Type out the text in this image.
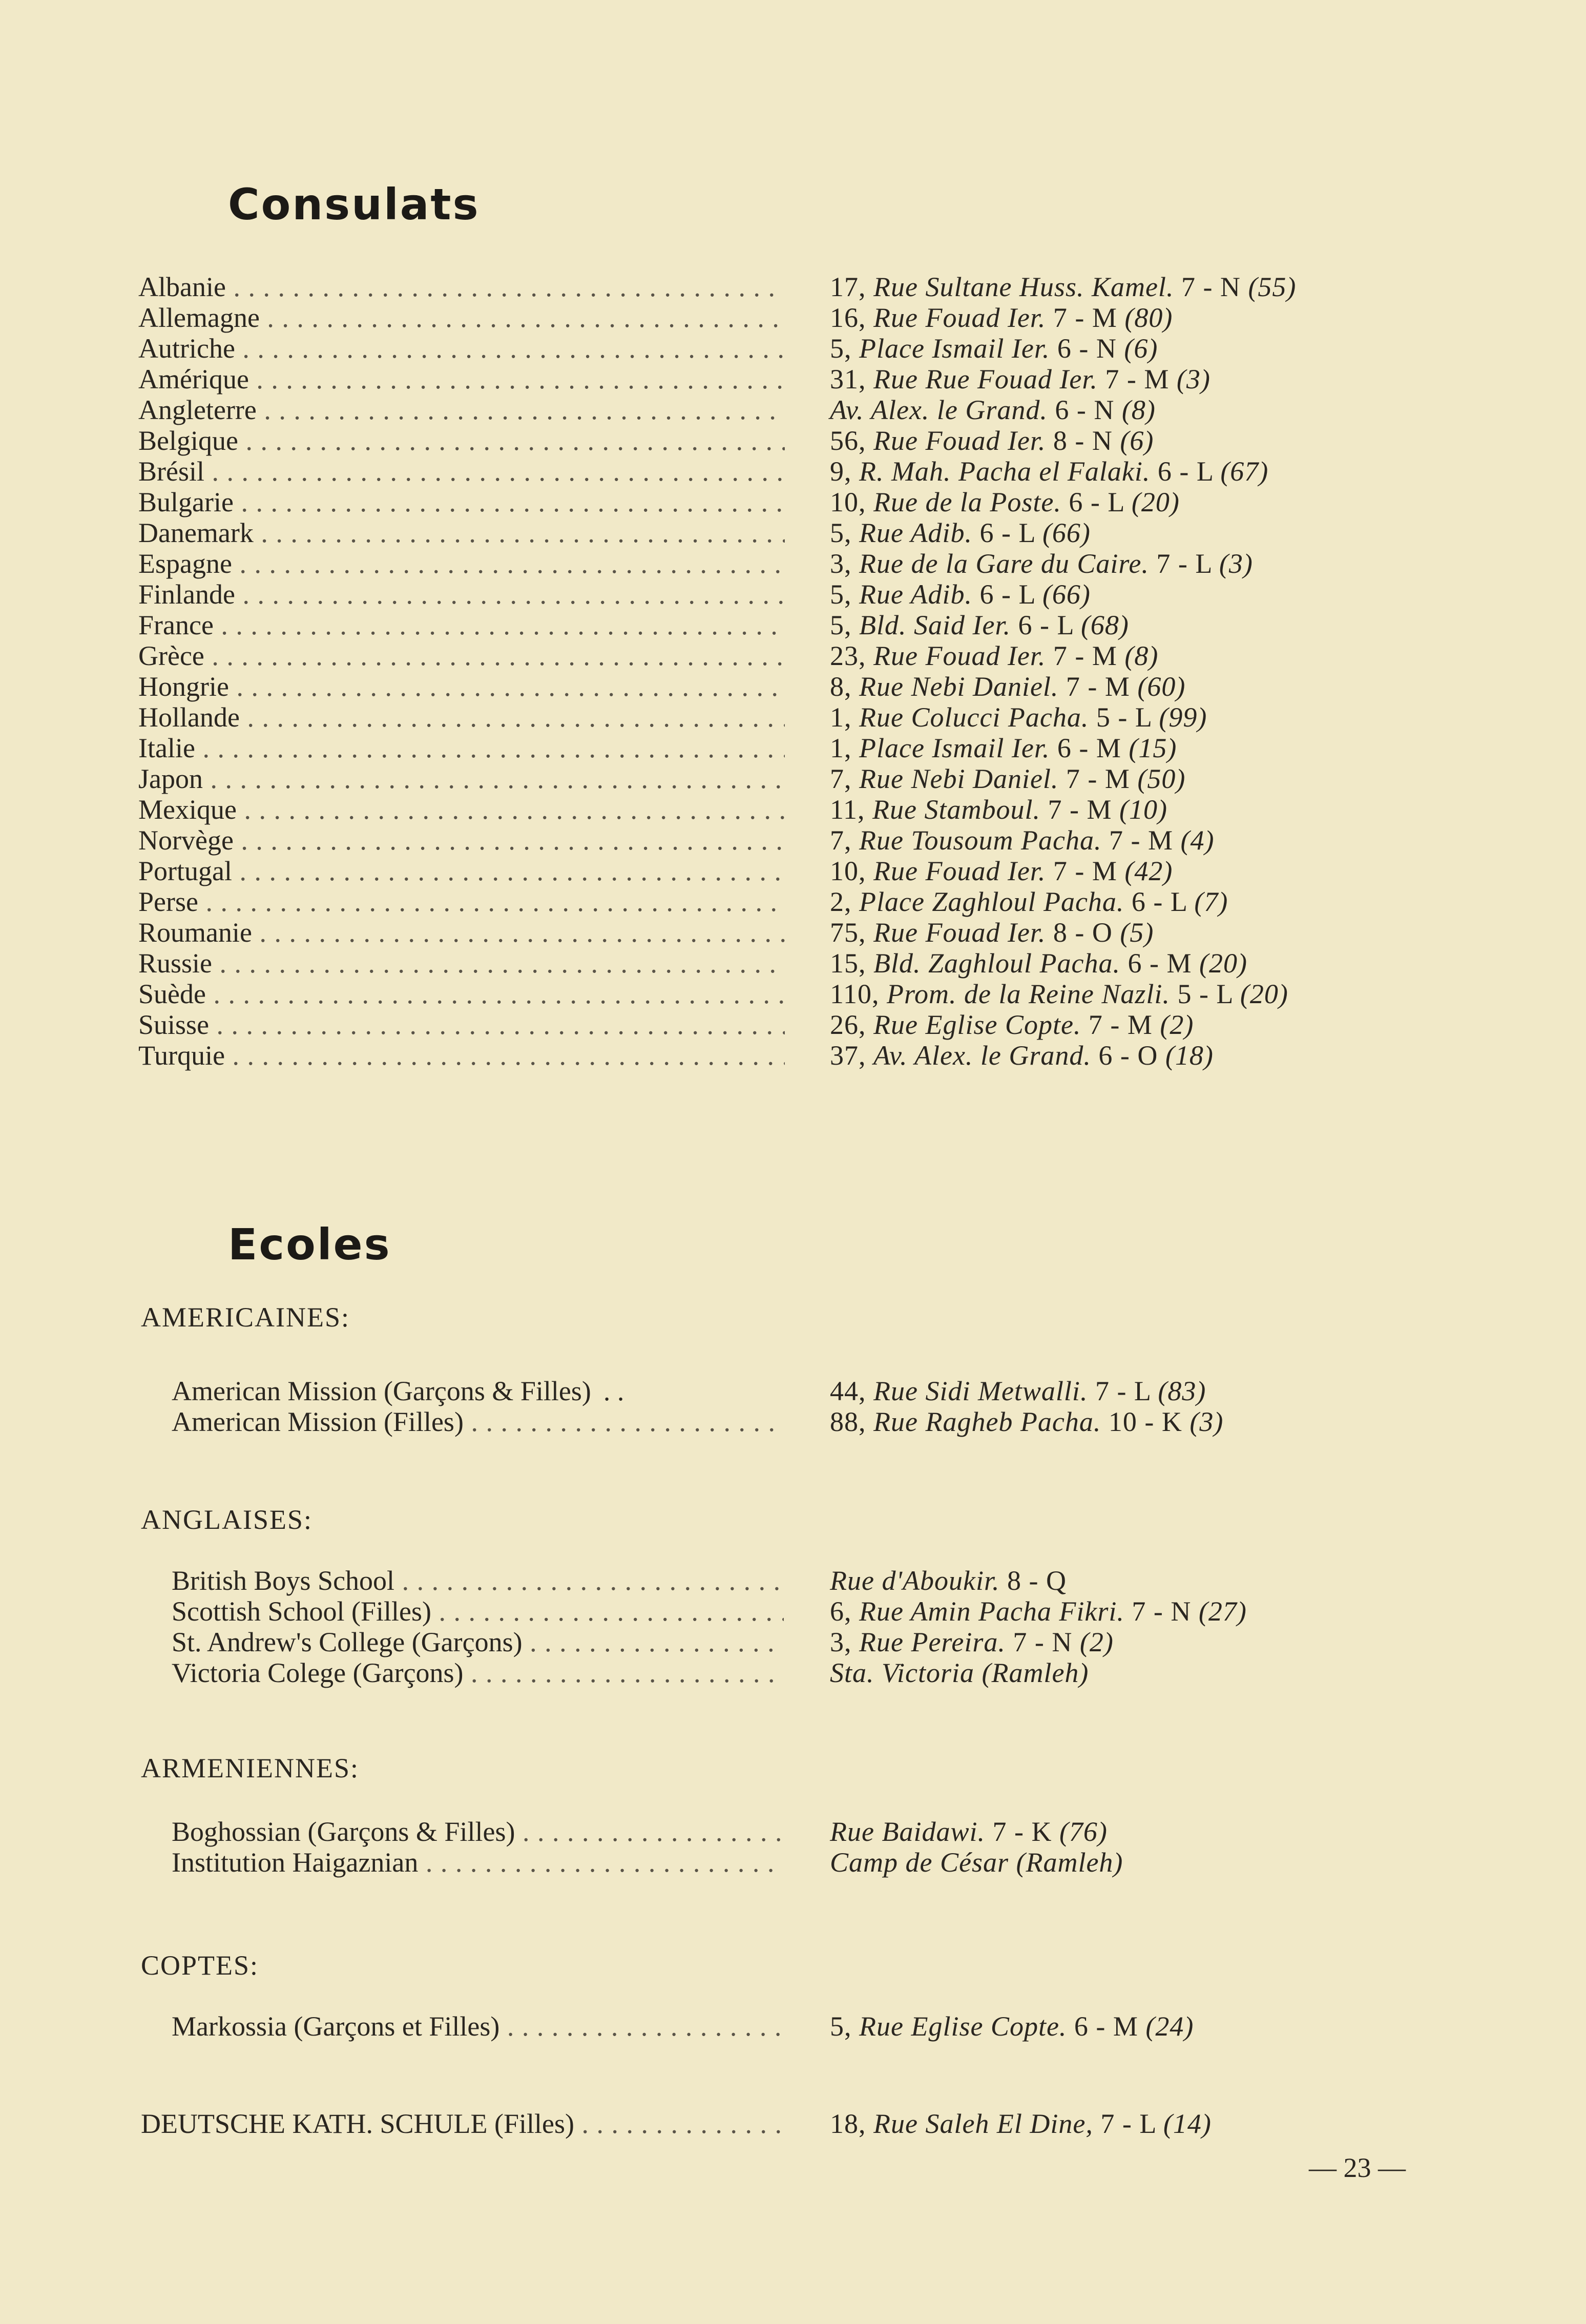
Consulats
Albanie . . .	17, Rue Sultane Huss. Kamel. 7 - N (55)
Allemagne . . .	16, Rue Fouad Ier. 7 - M (80)
Autriche . . .	5, Place Ismail Ier. 6 - N (6)
Amérique . . .	31, Rue Rue Fouad Ier. 7 - M (3)
Angleterre . . .	Av. Alex. le Grand. 6 - N (8)
Belgique . . .	56, Rue Fouad Ier. 8 - N (6)
Brésil . . .	9, R. Mah. Pacha el Falaki. 6 - L (67)
Bulgarie . . .	10, Rue de la Poste. 6 - L (20)
Danemark . . .	5, Rue Adib. 6 - L (66)
Espagne . . .	3, Rue de la Gare du Caire. 7 - L (3)
Finlande . . .	5, Rue Adib. 6 - L (66)
France . . .	5, Bld. Said Ier. 6 - L (68)
Grèce . . .	23, Rue Fouad Ier. 7 - M (8)
Hongrie . . .	8, Rue Nebi Daniel. 7 - M (60)
Hollande . . .	1, Rue Colucci Pacha. 5 - L (99)
Italie . . .	1, Place Ismail Ier. 6 - M (15)
Japon . . .	7, Rue Nebi Daniel. 7 - M (50)
Mexique . . .	11, Rue Stamboul. 7 - M (10)
Norvège . . .	7, Rue Tousoum Pacha. 7 - M (4)
Portugal . . .	10, Rue Fouad Ier. 7 - M (42)
Perse . . .	2, Place Zaghloul Pacha. 6 - L (7)
Roumanie . . .	75, Rue Fouad Ier. 8 - O (5)
Russie . . .	15, Bld. Zaghloul Pacha. 6 - M (20)
Suède . . .	110, Prom. de la Reine Nazli. 5 - L (20)
Suisse . . .	26, Rue Eglise Copte. 7 - M (2)
Turquie . . .	37, Av. Alex. le Grand. 6 - O (18)
Ecoles
AMERICAINES:
American Mission (Garçons & Filles) . .	44, Rue Sidi Metwalli. 7 - L (83)
American Mission (Filles) . . .	88, Rue Ragheb Pacha. 10 - K (3)
ANGLAISES:
British Boys School . . .	Rue d'Aboukir. 8 - Q
Scottish School (Filles) . . .	6, Rue Amin Pacha Fikri. 7 - N (27)
St. Andrew's College (Garçons) . . .	3, Rue Pereira. 7 - N (2)
Victoria Colege (Garçons) . . .	Sta. Victoria (Ramleh)
ARMENIENNES:
Boghossian (Garçons & Filles) . . .	Rue Baidawi. 7 - K (76)
Institution Haigaznian . . .	Camp de César (Ramleh)
COPTES:
Markossia (Garçons et Filles) . . .	5, Rue Eglise Copte. 6 - M (24)
DEUTSCHE KATH. SCHULE (Filles) . . .	18, Rue Saleh El Dine, 7 - L (14)
— 23 —
